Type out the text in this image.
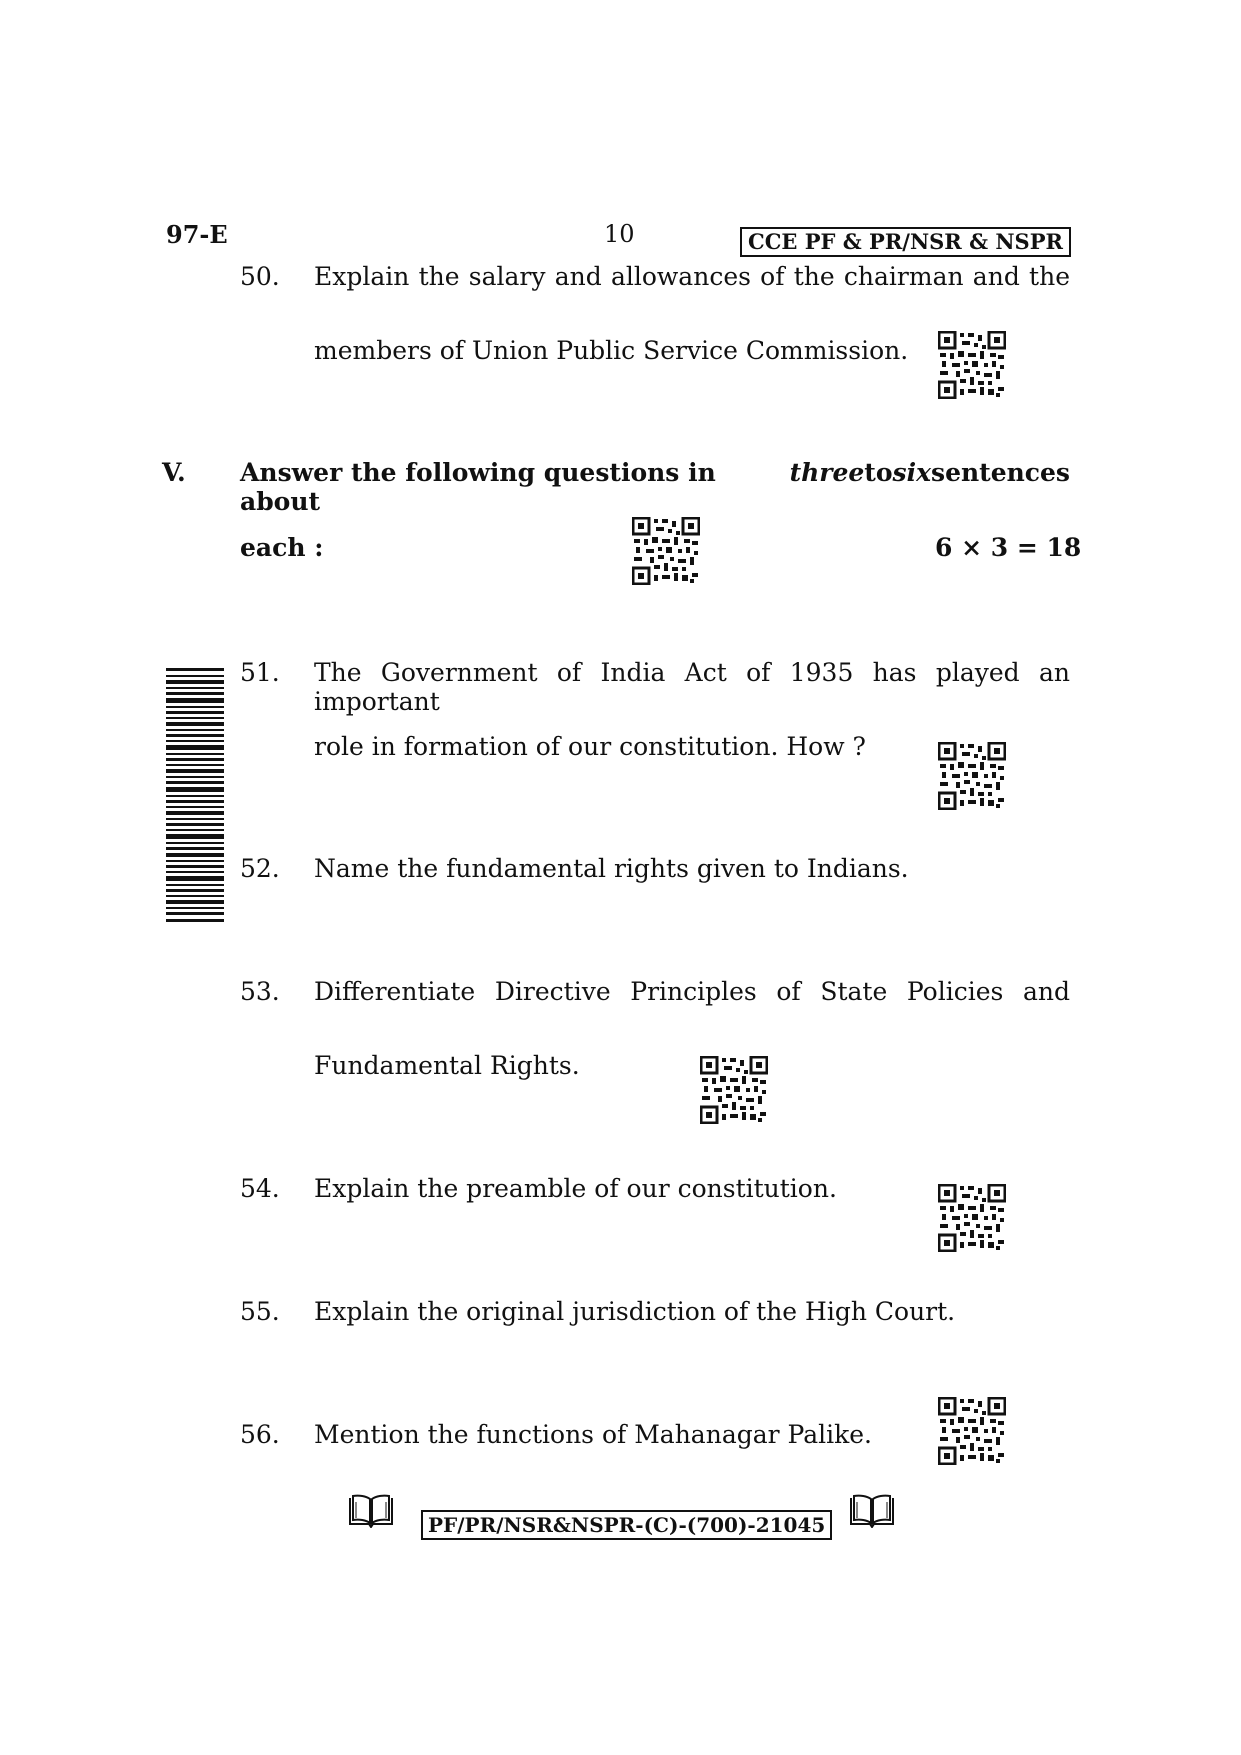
97-E	10	CCE PF & PR/NSR & NSPR
50. Explain the salary and allowances of the chairman and the
members of Union Public Service Commission.
V. Answer the following questions in about
three to six sentences
each :	6 × 3 = 18
51. The Government of India Act of 1935 has played an important
role in formation of our constitution. How ?
52. Name the fundamental rights given to Indians.
53. Differentiate Directive Principles of State Policies and
Fundamental Rights.
54. Explain the preamble of our constitution.
55. Explain the original jurisdiction of the High Court.
56. Mention the functions of Mahanagar Palike.
PF/PR/NSR&NSPR-(C)-(700)-21045
